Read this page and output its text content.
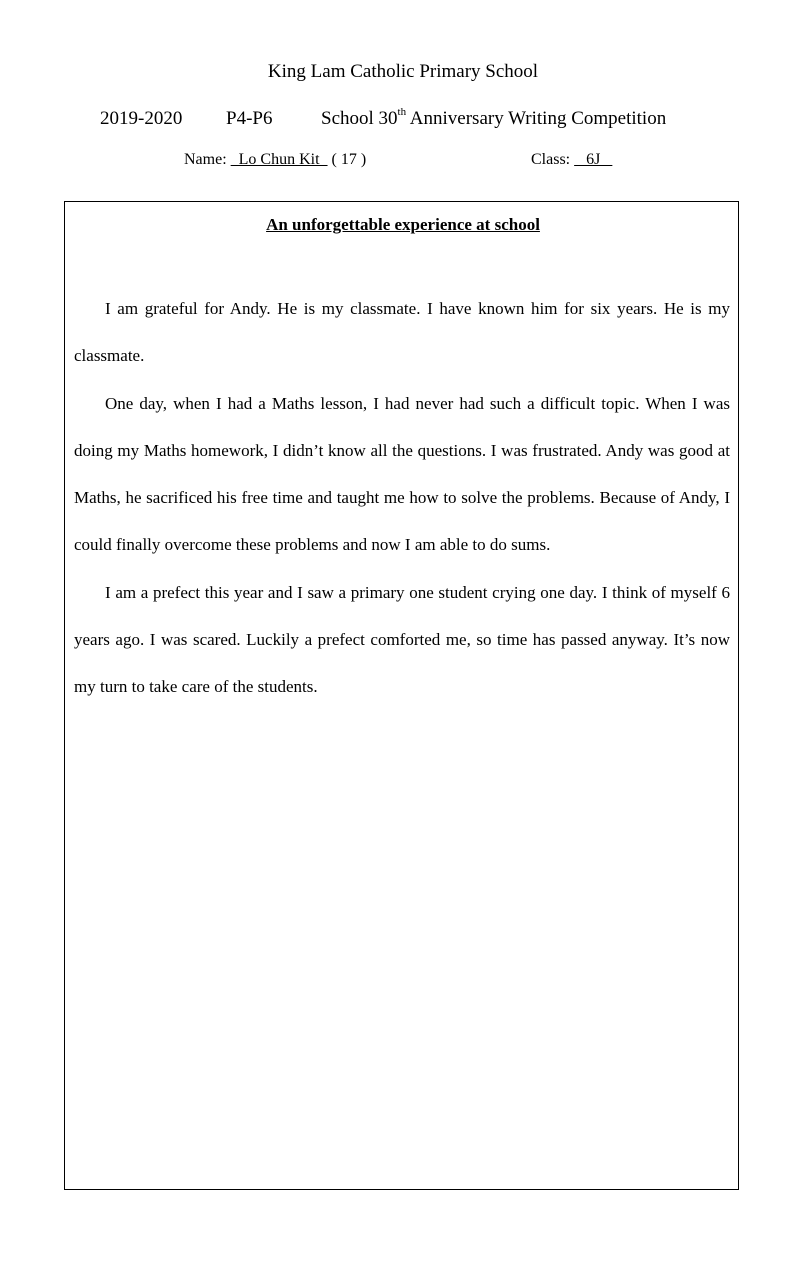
King Lam Catholic Primary School
2019-2020 P4-P6	School 30th Anniversary Writing Competition
Name:   Lo Chun Kit   ( 17 )	Class:    6J
An unforgettable experience at school

I am grateful for Andy. He is my classmate. I have known him for six years. He is my classmate.

One day, when I had a Maths lesson, I had never had such a difficult topic. When I was doing my Maths homework, I didn’t know all the questions. I was frustrated. Andy was good at Maths, he sacrificed his free time and taught me how to solve the problems. Because of Andy, I could finally overcome these problems and now I am able to do sums.

I am a prefect this year and I saw a primary one student crying one day. I think of myself 6 years ago. I was scared. Luckily a prefect comforted me, so time has passed anyway. It’s now my turn to take care of the students.
